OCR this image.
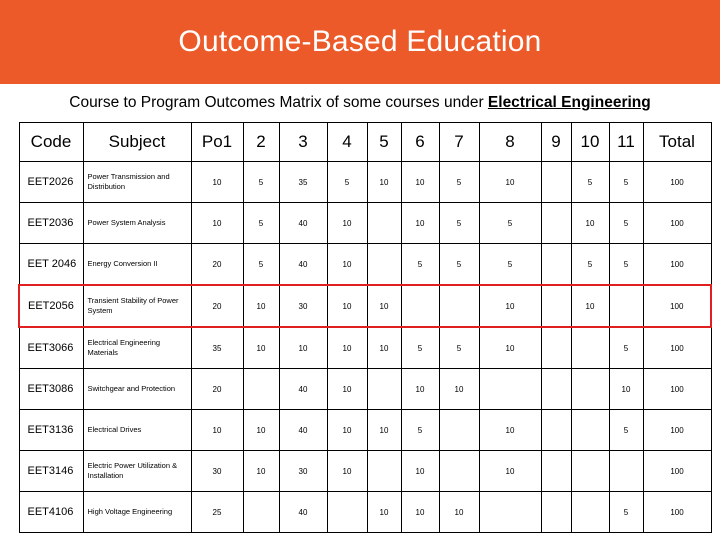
Outcome-Based Education
Course to Program Outcomes Matrix of some courses under Electrical Engineering
Code	Subject	Po1	2	3	4	5	6	7	8	9	10	11	Total
EET2026	Power Transmission and Distribution	10	5	35	5	10	10	5	10		5	5	100
EET2036	Power System Analysis	10	5	40	10		10	5	5		10	5	100
EET 2046	Energy Conversion II	20	5	40	10		5	5	5		5	5	100
EET2056	Transient Stability of Power System	20	10	30	10	10			10		10		100
EET3066	Electrical Engineering Materials	35	10	10	10	10	5	5	10			5	100
EET3086	Switchgear and Protection	20		40	10		10	10				10	100
EET3136	Electrical Drives	10	10	40	10	10	5		10			5	100
EET3146	Electric Power Utilization & Installation	30	10	30	10		10		10				100
EET4106	High Voltage Engineering	25		40		10	10	10				5	100
